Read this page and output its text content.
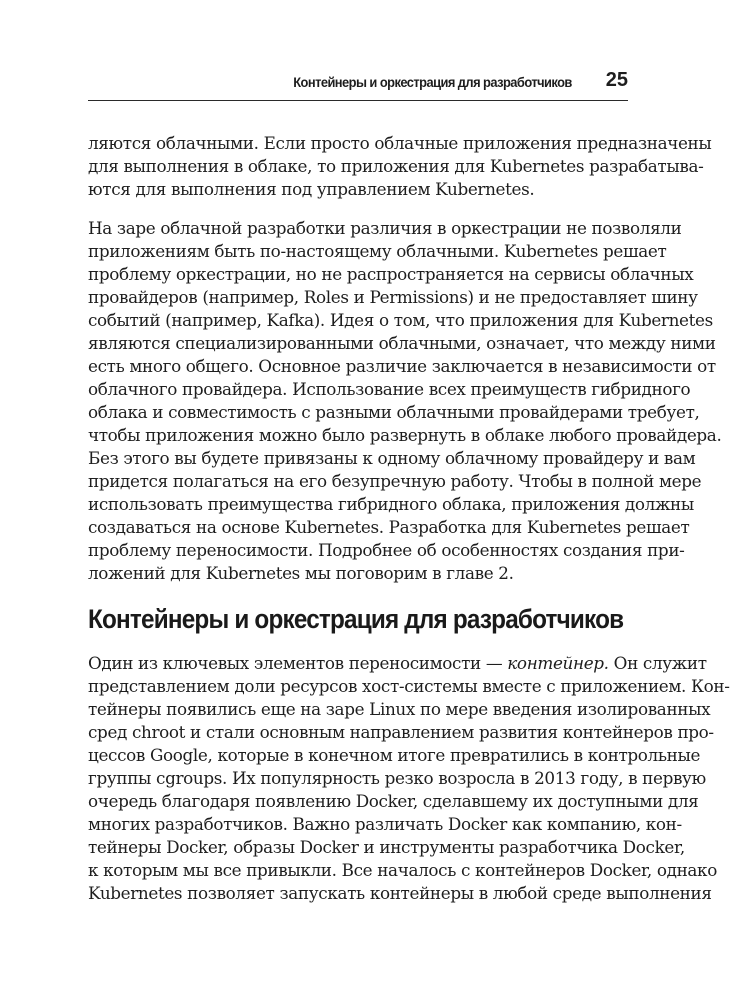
Контейнеры и оркестрация для разработчиков 25

ляются облачными. Если просто облачные приложения предназначены
для выполнения в облаке, то приложения для Kubernetes разрабатыва-
ются для выполнения под управлением Kubernetes.

На заре облачной разработки различия в оркестрации не позволяли
приложениям быть по-настоящему облачными. Kubernetes решает
проблему оркестрации, но не распространяется на сервисы облачных
провайдеров (например, Roles и Permissions) и не предоставляет шину
событий (например, Kafka). Идея о том, что приложения для Kubernetes
являются специализированными облачными, означает, что между ними
есть много общего. Основное различие заключается в независимости от
облачного провайдера. Использование всех преимуществ гибридного
облака и совместимость с разными облачными провайдерами требует,
чтобы приложения можно было развернуть в облаке любого провайдера.
Без этого вы будете привязаны к одному облачному провайдеру и вам
придется полагаться на его безупречную работу. Чтобы в полной мере
использовать преимущества гибридного облака, приложения должны
создаваться на основе Kubernetes. Разработка для Kubernetes решает
проблему переносимости. Подробнее об особенностях создания при-
ложений для Kubernetes мы поговорим в главе 2.

Контейнеры и оркестрация для разработчиков

Один из ключевых элементов переносимости — контейнер. Он служит
представлением доли ресурсов хост-системы вместе с приложением. Кон-
тейнеры появились еще на заре Linux по мере введения изолированных
сред chroot и стали основным направлением развития контейнеров про-
цессов Google, которые в конечном итоге превратились в контрольные
группы cgroups. Их популярность резко возросла в 2013 году, в первую
очередь благодаря появлению Docker, сделавшему их доступными для
многих разработчиков. Важно различать Docker как компанию, кон-
тейнеры Docker, образы Docker и инструменты разработчика Docker,
к которым мы все привыкли. Все началось с контейнеров Docker, однако
Kubernetes позволяет запускать контейнеры в любой среде выполнения
